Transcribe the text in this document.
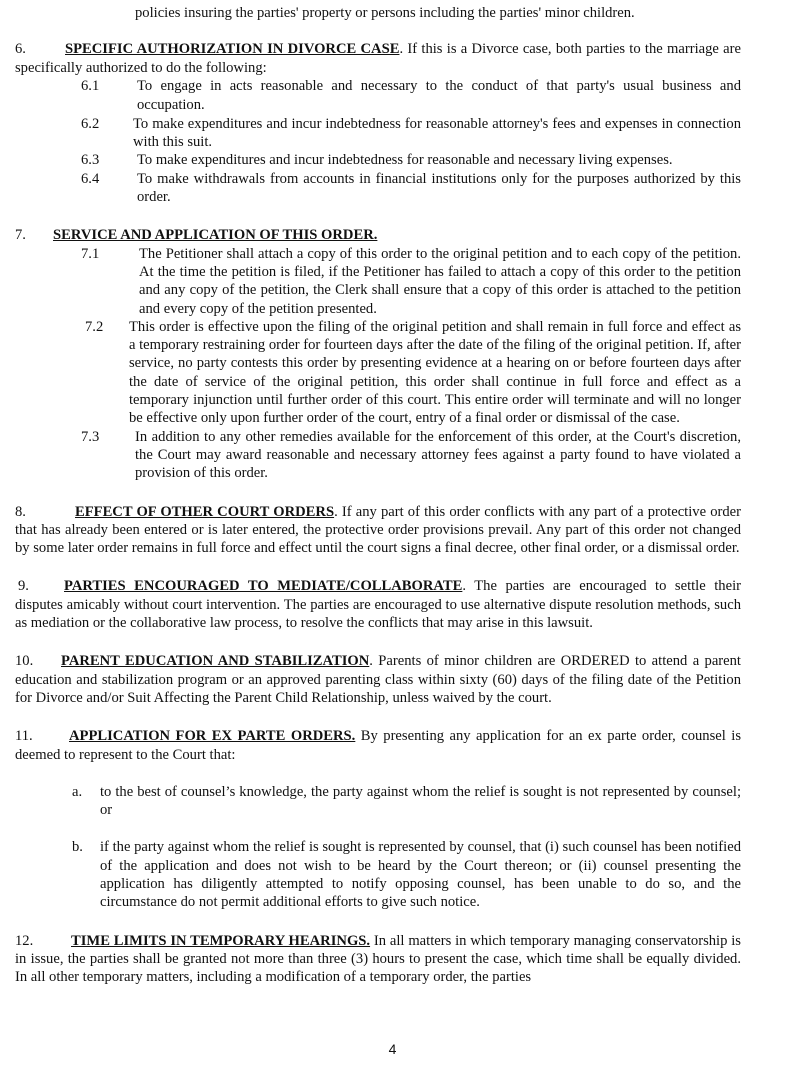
policies insuring the parties' property or persons including the parties' minor children.

6.	SPECIFIC AUTHORIZATION IN DIVORCE CASE. If this is a Divorce case, both parties to the marriage are specifically authorized to do the following:

6.1	To engage in acts reasonable and necessary to the conduct of that party's usual business and occupation.
6.2	To make expenditures and incur indebtedness for reasonable attorney's fees and expenses in connection with this suit.
6.3	To make expenditures and incur indebtedness for reasonable and necessary living expenses.
6.4	To make withdrawals from accounts in financial institutions only for the purposes authorized by this order.

7. SERVICE AND APPLICATION OF THIS ORDER.

7.1	The Petitioner shall attach a copy of this order to the original petition and to each copy of the petition. At the time the petition is filed, if the Petitioner has failed to attach a copy of this order to the petition and any copy of the petition, the Clerk shall ensure that a copy of this order is attached to the petition and every copy of the petition presented.
7.2	This order is effective upon the filing of the original petition and shall remain in full force and effect as a temporary restraining order for fourteen days after the date of the filing of the original petition. If, after service, no party contests this order by presenting evidence at a hearing on or before fourteen days after the date of service of the original petition, this order shall continue in full force and effect as a temporary injunction until further order of this court. This entire order will terminate and will no longer be effective only upon further order of the court, entry of a final order or dismissal of the case.
7.3	In addition to any other remedies available for the enforcement of this order, at the Court's discretion, the Court may award reasonable and necessary attorney fees against a party found to have violated a provision of this order.

8.	EFFECT OF OTHER COURT ORDERS. If any part of this order conflicts with any part of a protective order that has already been entered or is later entered, the protective order provisions prevail. Any part of this order not changed by some later order remains in full force and effect until the court signs a final decree, other final order, or a dismissal order.

9. PARTIES ENCOURAGED TO MEDIATE/COLLABORATE. The parties are encouraged to settle their disputes amicably without court intervention. The parties are encouraged to use alternative dispute resolution methods, such as mediation or the collaborative law process, to resolve the conflicts that may arise in this lawsuit.

10. PARENT EDUCATION AND STABILIZATION. Parents of minor children are ORDERED to attend a parent education and stabilization program or an approved parenting class within sixty (60) days of the filing date of the Petition for Divorce and/or Suit Affecting the Parent Child Relationship, unless waived by the court.

11. APPLICATION FOR EX PARTE ORDERS. By presenting any application for an ex parte order, counsel is deemed to represent to the Court that:

a.	to the best of counsel’s knowledge, the party against whom the relief is sought is not represented by counsel; or
b.	if the party against whom the relief is sought is represented by counsel, that (i) such counsel has been notified of the application and does not wish to be heard by the Court thereon; or (ii) counsel presenting the application has diligently attempted to notify opposing counsel, has been unable to do so, and the circumstance do not permit additional efforts to give such notice.

12.	TIME LIMITS IN TEMPORARY HEARINGS. In all matters in which temporary managing conservatorship is in issue, the parties shall be granted not more than three (3) hours to present the case, which time shall be equally divided. In all other temporary matters, including a modification of a temporary order, the parties

4
